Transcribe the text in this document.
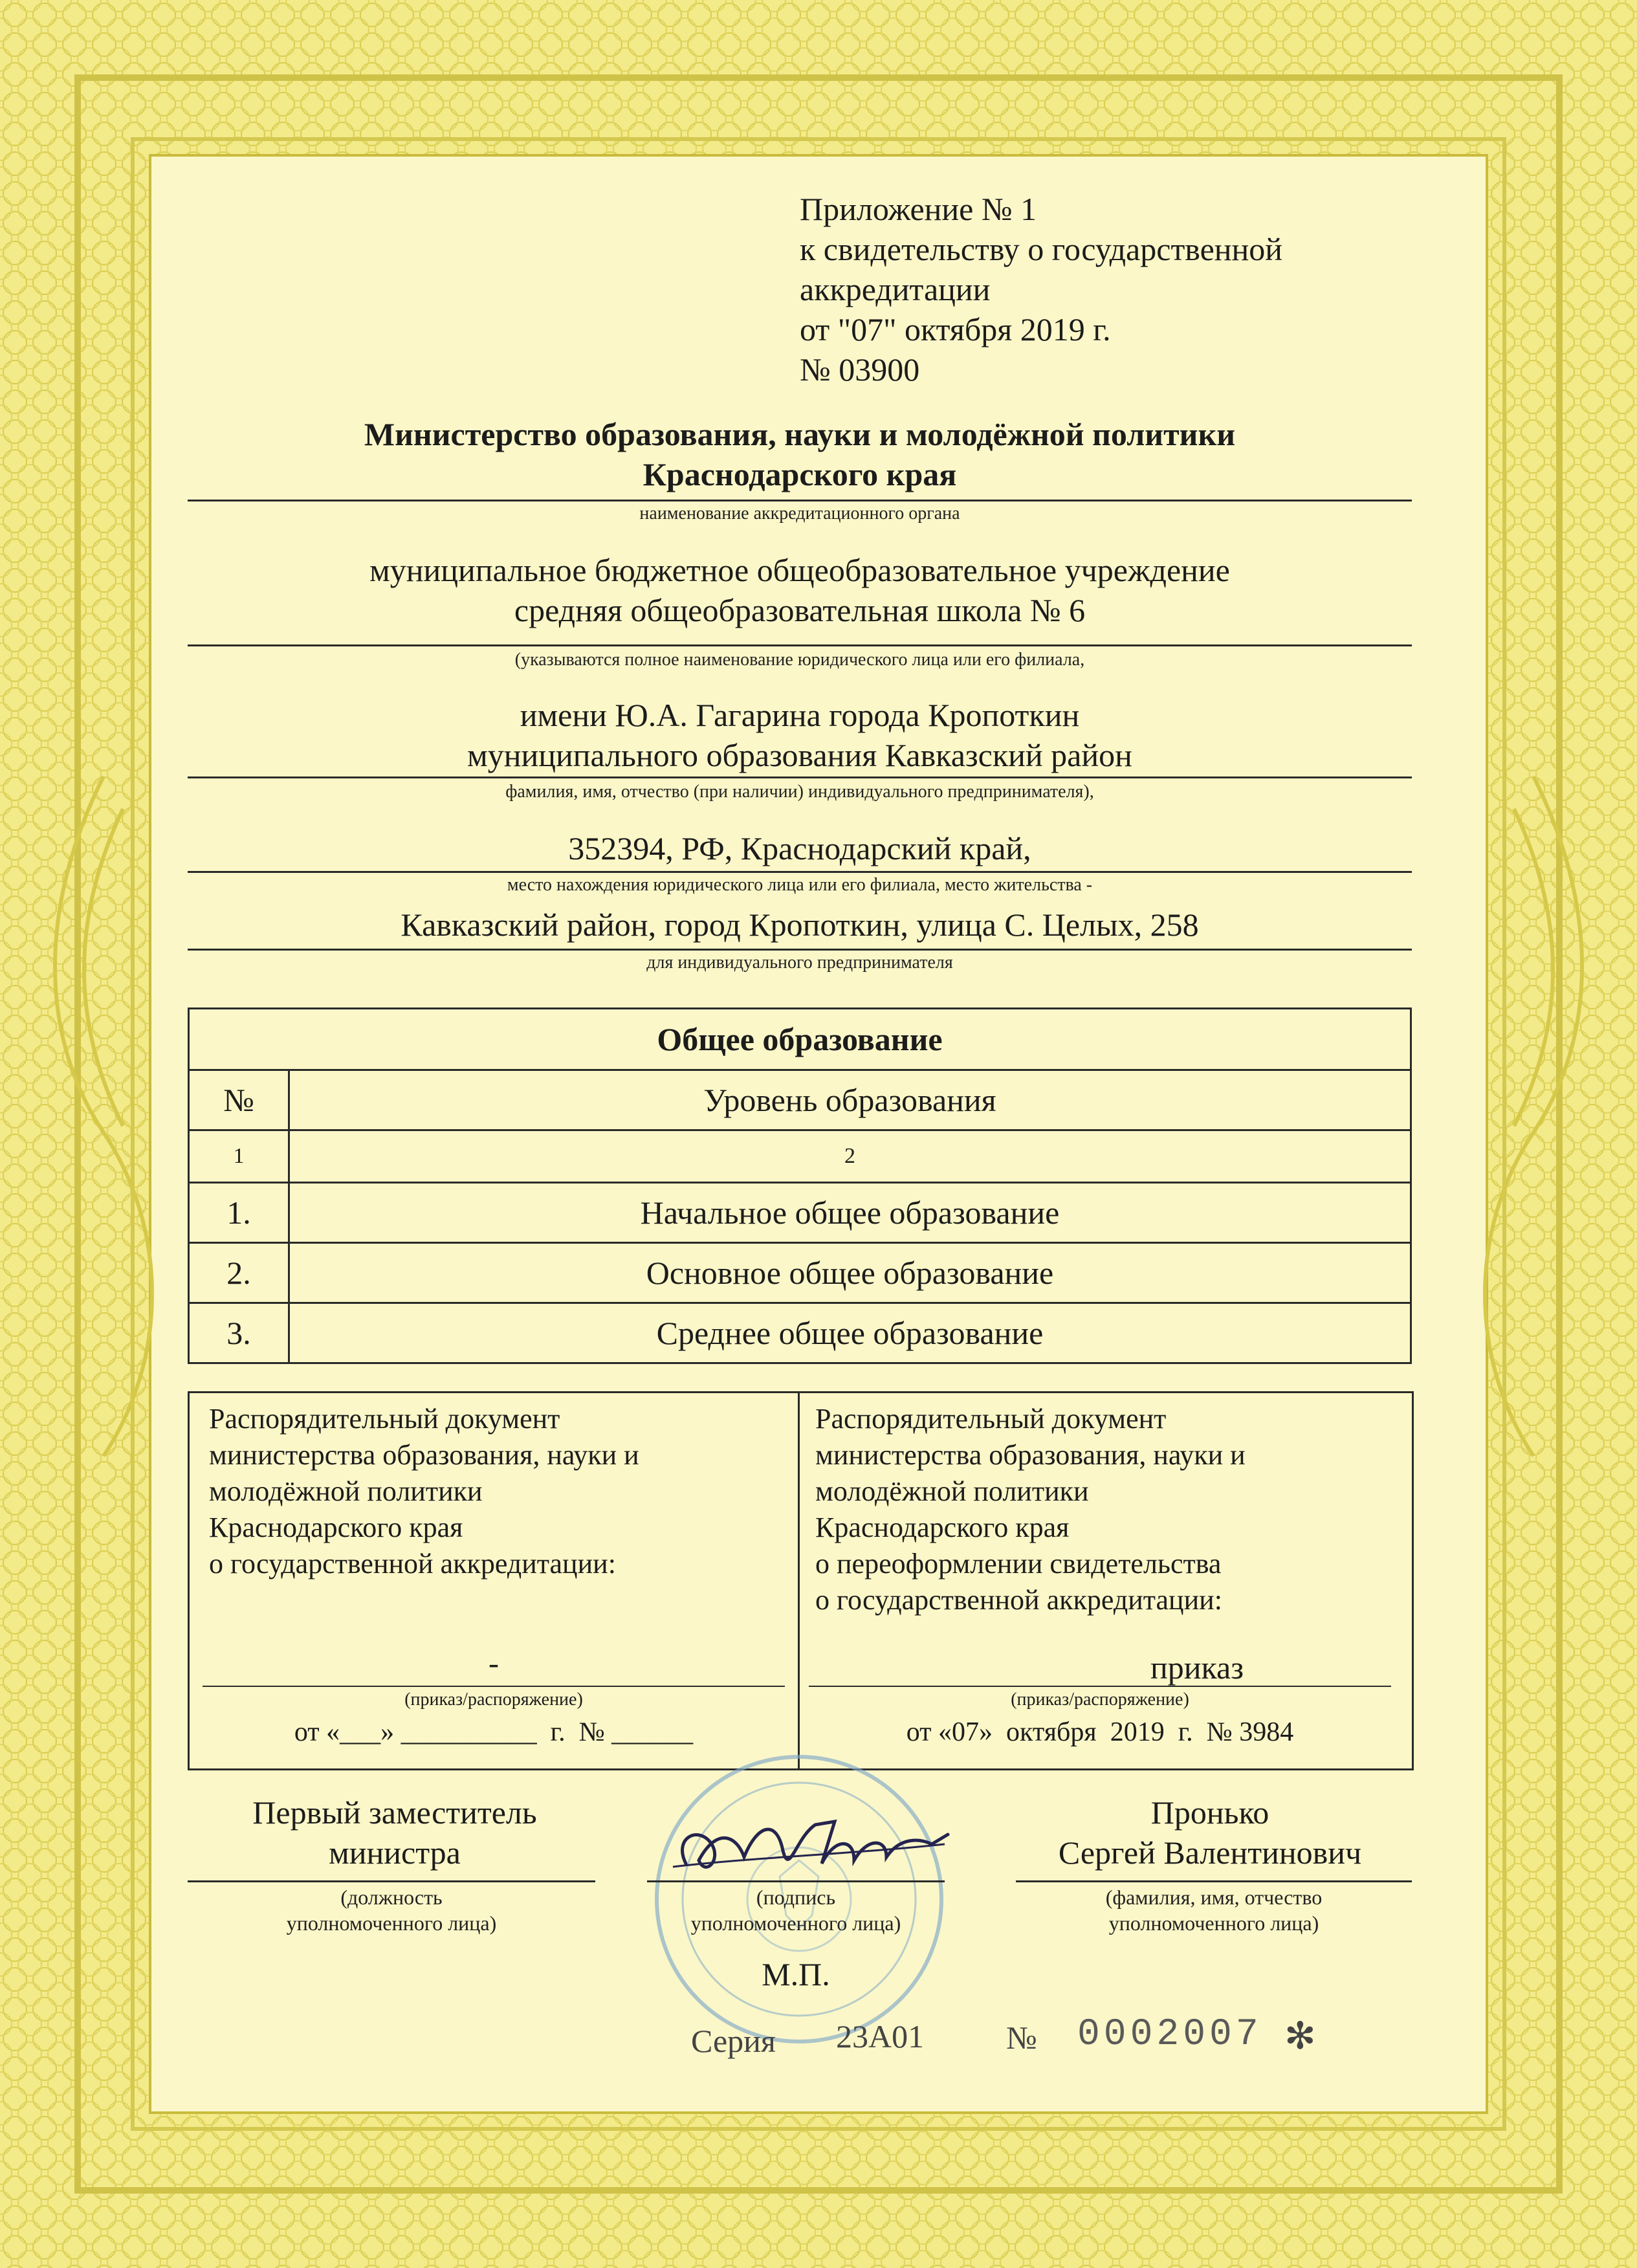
Приложение № 1
к свидетельству о государственной
аккредитации
от "07" октября 2019 г.
№ 03900
Министерство образования, науки и молодёжной политики
Краснодарского края
наименование аккредитационного органа
муниципальное бюджетное общеобразовательное учреждение
средняя общеобразовательная школа № 6
(указываются полное наименование юридического лица или его филиала,
имени Ю.А. Гагарина города Кропоткин
муниципального образования Кавказский район
фамилия, имя, отчество (при наличии) индивидуального предпринимателя),
352394, РФ, Краснодарский край,
место нахождения юридического лица или его филиала, место жительства -
Кавказский район, город Кропоткин, улица С. Целых, 258
для индивидуального предпринимателя
Общее образование	
№	Уровень образования
1	2
1.	Начальное общее образование
2.	Основное общее образование
3.	Среднее общее образование
Распорядительный документ
министерства образования, науки и
молодёжной политики
Краснодарского края
о государственной аккредитации:
-
(приказ/распоряжение)
от «___» __________  г.  № ______
Распорядительный документ
министерства образования, науки и
молодёжной политики
Краснодарского края
о переоформлении свидетельства
о государственной аккредитации:
приказ
(приказ/распоряжение)
от «07»  октября  2019  г.  № 3984
Первый заместитель
министра
(должность
уполномоченного лица)
(подпись
уполномоченного лица)
М.П.
Пронько
Сергей Валентинович
(фамилия, имя, отчество
уполномоченного лица)
Серия 23А01	№ 0002007 ✻
